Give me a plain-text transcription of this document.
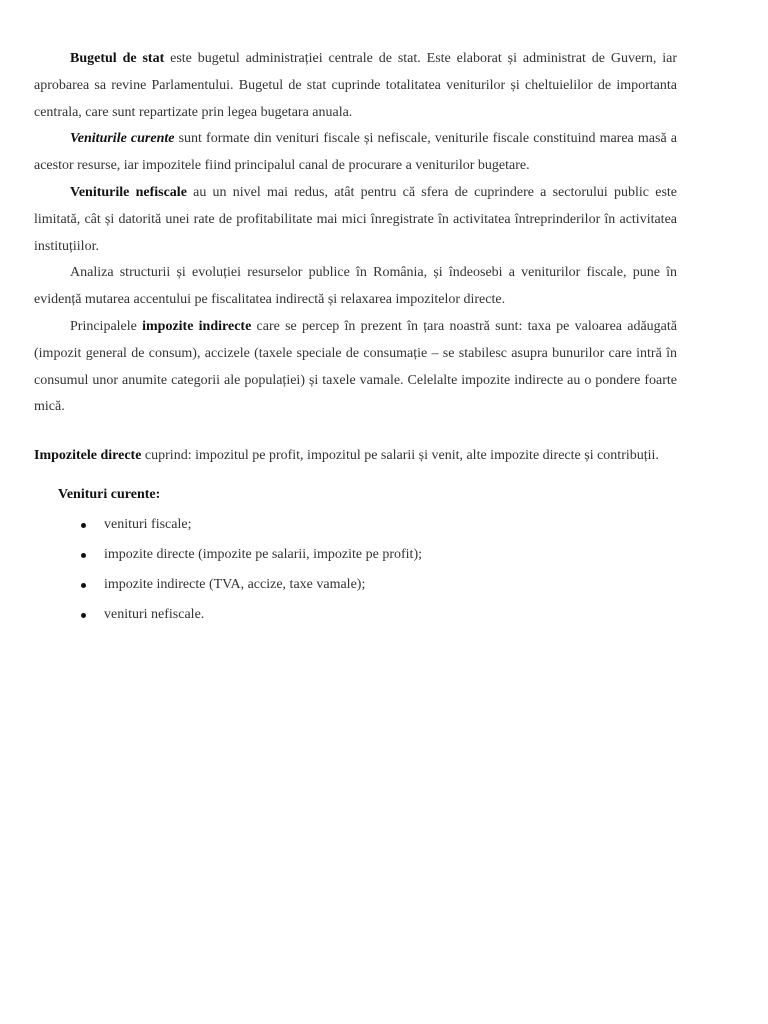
Bugetul de stat este bugetul administrației centrale de stat. Este elaborat și administrat de Guvern, iar aprobarea sa revine Parlamentului. Bugetul de stat cuprinde totalitatea veniturilor și cheltuielilor de importanta centrala, care sunt repartizate prin legea bugetara anuala.

Veniturile curente sunt formate din venituri fiscale și nefiscale, veniturile fiscale constituind marea masă a acestor resurse, iar impozitele fiind principalul canal de procurare a veniturilor bugetare.

Veniturile nefiscale au un nivel mai redus, atât pentru că sfera de cuprindere a sectorului public este limitată, cât și datorită unei rate de profitabilitate mai mici înregistrate în activitatea întreprinderilor în activitatea instituțiilor.

Analiza structurii și evoluției resurselor publice în România, și îndeosebi a veniturilor fiscale, pune în evidență mutarea accentului pe fiscalitatea indirectă și relaxarea impozitelor directe.

Principalele impozite indirecte care se percep în prezent în țara noastră sunt: taxa pe valoarea adăugată (impozit general de consum), accizele (taxele speciale de consumație – se stabilesc asupra bunurilor care intră în consumul unor anumite categorii ale populației) și taxele vamale. Celelalte impozite indirecte au o pondere foarte mică.

Impozitele directe cuprind: impozitul pe profit, impozitul pe salarii și venit, alte impozite directe și contribuții.

Venituri curente:

venituri fiscale;
impozite directe (impozite pe salarii, impozite pe profit);
impozite indirecte (TVA, accize, taxe vamale);
venituri nefiscale.
